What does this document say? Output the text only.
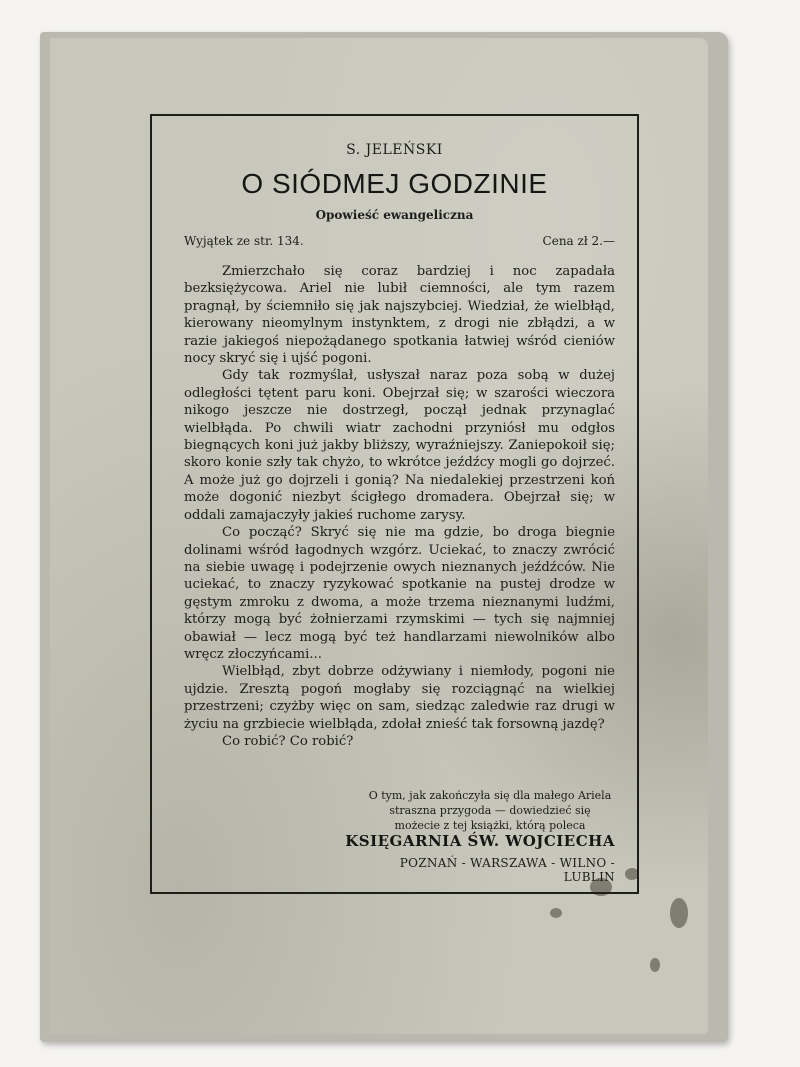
S. JELEŃSKI
O SIÓDMEJ GODZINIE
Opowieść ewangeliczna
Wyjątek ze str. 134.	Cena zł 2.—

Zmierzchało się coraz bardziej i noc zapadała bezksiężycowa. Ariel nie lubił ciemności, ale tym razem pragnął, by ściemniło się jak najszybciej. Wiedział, że wielbłąd, kierowany nieomylnym instynktem, z drogi nie zbłądzi, a w razie jakiegoś niepożądanego spotkania łatwiej wśród cieniów nocy skryć się i ujść pogoni.

Gdy tak rozmyślał, usłyszał naraz poza sobą w dużej odległości tętent paru koni. Obejrzał się; w szarości wieczora nikogo jeszcze nie dostrzegł, począł jednak przynaglać wielbłąda. Po chwili wiatr zachodni przyniósł mu odgłos biegnących koni już jakby bliższy, wyraźniejszy. Zaniepokoił się; skoro konie szły tak chyżo, to wkrótce jeźdźcy mogli go dojrzeć. A może już go dojrzeli i gonią? Na niedalekiej przestrzeni koń może dogonić niezbyt ścigłego dromadera. Obejrzał się; w oddali zamajaczyły jakieś ruchome zarysy.

Co począć? Skryć się nie ma gdzie, bo droga biegnie dolinami wśród łagodnych wzgórz. Uciekać, to znaczy zwrócić na siebie uwagę i podejrzenie owych nieznanych jeźdźców. Nie uciekać, to znaczy ryzykować spotkanie na pustej drodze w gęstym zmroku z dwoma, a może trzema nieznanymi ludźmi, którzy mogą być żołnierzami rzymskimi — tych się najmniej obawiał — lecz mogą być też handlarzami niewolników albo wręcz złoczyńcami...

Wielbłąd, zbyt dobrze odżywiany i niemłody, pogoni nie ujdzie. Zresztą pogoń mogłaby się rozciągnąć na wielkiej przestrzeni; czyżby więc on sam, siedząc zaledwie raz drugi w życiu na grzbiecie wielbłąda, zdołał znieść tak forsowną jazdę?

Co robić? Co robić?

O tym, jak zakończyła się dla małego Ariela straszna przygoda — dowiedzieć się możecie z tej książki, którą poleca
KSIĘGARNIA ŚW. WOJCIECHA
POZNAŃ - WARSZAWA - WILNO - LUBLIN
